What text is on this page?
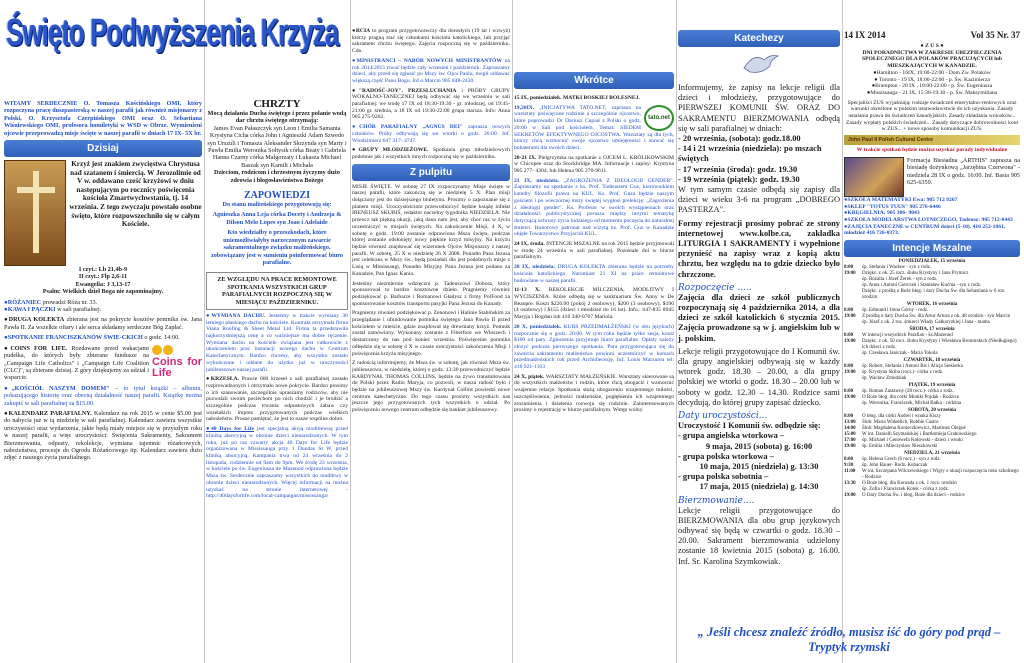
Święto Podwyższenia Krzyża
WITAMY SERDECZNIE O. Tomasza Kościńskiego OMI, który rozpoczyna pracę duszpasterską w naszej parafii jak również misjonarzy z Polski, O. Krzysztofa Czerpińskiego OMI oraz O. Sebastiana Wiśniewskiego OMI, profesora homiletyki w WSD w Obrze. Wymienieni ojcowie przeprowadzą misje święte w naszej parafii w dniach 17 IX- 5X br.
Dzisiaj
Krzyż jest znakiem zwycięstwa Chrystusa nad szatanem i śmiercią. W Jerozolimie od V w. oddawano cześć krzyżowi w dniu następującym po rocznicy poświęcenia kościoła Zmartwychwstania, tj. 14 września. Z tego zwyczaju powstało osobne święto, które rozpowszechniło się w całym Kościele.
I czyt.: Lb 21,4b-9
II czyt.: Flp 2,6-11
Ewangelia: J 3,13-17
Psalm: Wielkich dzieł Boga nie zapominajmy.
● RÓŻANIEC prowadzi Róża nr. 33.
● KAWA I PĄCZKI w sali parafialnej.
● DRUGA KOLEKTA zbierana jest na pokrycie kosztów pomnika św. Jana Pawła II. Za wszelkie ofiary i ale serca składamy serdeczne Bóg Zapłać.
● SPOTKANIE FRANCISZKANÓW ŚWIE-CKICH o godz. 14:00.
Coins for Life
● COINS FOR LIFE. Rozdawane przed wakacjami pudełka, do których były zbierane fundusze na „Campaign Life Catholics" i „Campaign Life Coalition (CLC)", są zbierane dzisiaj. Z góry dziękujemy za udział i wsparcie.
● „KOŚCIÓŁ NASZYM DOMEM" – to tytuł książki – albumu, pokazującego historię oraz obecną działalność naszej parafii. Książkę można zakupić w sali parafialnej za $15.00.
● KALENDARZ PARAFIALNY. Kalendarz na rok 2015 w cenie $5.00 jest do nabycia już w tą niedzielę w sali parafialnej. Kalendarz zawiera wszystkie uroczystości oraz wydarzenia, jakie będą miały miejsce się w przyszłym roku w naszej parafii, a więc uroczystości: Święcenia Sakramenty, Sakrament Bierzmowania, odpusty, rekolekcje, wymiana tajemnic różańcowych, nabożeństwa, procesje do Ogrodu Różańcowego itp. Kalendarz zawiera dużo zdjęć z naszego życia parafialnego.
CHRZTY
Mocą działania Ducha świętego i przez polanie wodą dar chrztu świętego otrzymają:
James Evan Pałaszczyk syn Leon i Emilia Samanta Krystyna Cicha córka John i Agnieszki Adam Szwedo syn Urszuli i Tomasza Aleksander Skrzynda syn Marty i Pawła Emilia Weronika Sołtysik córka Beaty i Gabriela Hanna Czarny córka Małgorzaty i Łukasza Michael Baszak syn Kamili i Michała
Dzieciom, rodzicom i chrzestnym życzymy dużo zdrowia i błogosławieństwa Bożego
ZAPOWIEDZI
Do stanu małżeńskiego przygotowują się:
Agnieszka Anna Leja córka Docety i Andrzeja & Dilson Melo Lopes syn Joao i Adelaide
Kto wiedziałby o przeszkodach, które uniemożliwiałyby narzeczonym zawarcie sakramentalnego związku małżeńskiego, zobowiązany jest w sumieniu poinformować biuro parafialne.
ZE WZGLĘDU NA PRACE REMONTOWE SPOTKANIA WSZYSTKICH GRUP PARAFIALNYCH ROZPOCZNĄ SIĘ W MIESIĄCU PAŹDZIERNIKU.
● WYMIANA DACHU. Jesteśmy w trakcie wymiany 30 letniego płaskiego dachu na kościele. Kontrakt otrzymała firma Viana Roofing & Sheet Metal Ltd. Firma ta przedstawiła najkorzystniejszą cenę a co ważniejsze ma dobre ręczenie. Wymiana dachu na kościele związana jest całkowicie z ukończeniem prac instalacji nowego dachu w Centrum Katechetycznym. Bardzo chcemy, aby wszystko zostało wykończone i oddane do użytku już w uroczystości jubileuszowe naszej parafii.
● KRZESŁA. Prawie 600 krzeseł z sali parafialnej zostało rozprowadzonych i otrzymało nowe pokrycie. Bardzo prosimy o ich szanowanie, szczególnie upraszamy rodziców, aby nie pozwalali swoim pociechom po nich chodzić i je brudzić a szczególnie podczas trwania odpustowych zabaw czy wszelakich imprez przygotowanych podczas wielkich nabożeństw. Prosze pamiętać, że jest to nasze wspólne dobro.
● 40 Days for Life jest specjalną akcją modlitewną przed kliniką aborcyjną w obronie dzieci nienarodzonych. W tym roku, już po raz czwarty akcja 40 Days for Life będzie organizowana w Mississauga przy 1 Dundas St W, przed kliniką aborcyjną. Kampania trwa od 24 września do 2 listopada, codziennie od 9am do 9pm. We środę 23 września, w kościele po św. Eugeniusza de Mazenod odprawiona będzie Msza św. Serdecznie zapraszamy wszystkich do modlitwy w obronie dzieci nienarodzonych. Więcej informacji na można uzyskać na stronie internetowej - http://40daysforlife.com/local-campaigns/mississauga/
● RCIA to program przygotowawczy dla dorosłych (19 lat i wzwyż) którzy pragną stać się członkami kościoła katolickiego, lub przyjąć sakrament chrztu świętego. Zajęcia rozpoczną się w październiku. Cdn.
● MINISTRANCI – NABÓR NOWYCH MINISTRANTÓW na rok 2014/2015 trwać będzie cały wrzesień i październik. Zapraszamy dzieci, aby przed się zgłosić po Mszy św. Ojcu Paulu, mogli oddawać większą część Panu Bogu. Inf.o.Marcin 905 848-2420.
● "RADOŚĆ-JOY". PRZESLUCHANIA i PRÓBY GRUPY WOKALNO-TANECZNEJ będą odbywać się we wrześniu w sali parafialnej: we środę 17 IX od 18:30-19:30 - gr. młodszej, od 19:45-21:00 gr. średnia, a 18 IX od 19:30-22:00 grupa starsza. Info: Anna 905 275-9262.
● CHÓR PARAFIALNY „AGNUS DEI" zaprasza nowych członków. Próby odbywają się we wtorki o godz. 20:00. Inf. Włodzimierz 647 317- 4747.
● GRUPY MŁODZIEŻOWE. Spotkania grup młodzieżowych podobnie jak i wszystkich innych rozpoczną się w październiku.
Z pulpitu
MISJE ŚWIĘTE. W sobotę 27 IX rozpoczynamy Misje święte w naszej parafii, które zakończą się w niedzielę 5 X. Plan misji dołączony jest do dzisiejszego biuletynu. Prosimy o zapoznanie się z planem misji. Uroczystościom przewodniczyć będzie książę infułat IRENEUSZ SKUBIŚ, redaktor naczelny tygodnika NIEDZIELA. Nie przeocz tak piękną okazji, jaką dana nam jest, aby choć raz w życiu uczestniczyć w misjach świętych. Na zakończenie Misji, 4 X, w sobotę o godz. 19:00 zostanie odprawiona Msza święta, podczas której zostanie odsłonięty nowy pięknie krzyż misyjny. Na krzyżu będzie również znajdować się wizerunek Ojców Misjonarzy z naszej parafii. W sobotę, 25 X w niedzielę 26 X 2008. Ponadto Pana Jezusa jest celebrans w Mszy św., będą posiadali dla jest podobnych misje z Lisią w Mississaugi, Ponadto Misyjny Pana Jezusa jest podano za Kanadzie, Pan Ignac Kania.
Jesteśmy niezmiernie wdzięczni p. Tadeuszowi Dobosz, który sponsorował to bardzo kosztowne dzieło. Pragniemy również podziękować p. Barbarze i Romanowi Gładysz z firmy PolFood za sponsorowanie kosztów transportu pasyjki Pana Jezusa do Kanady.
Pragniemy również podziękować p. Zenonowi i Halinie Stabińskim za przeglądanie i ufundowanie pomnika świętego Jana Pawła II przed kościołem w mieście, gdzie znajdował się drewniany krzyż. Pomnik został zamówiony. Wykonany zostanie z Fiberfore we Włoszech i dostarczony do nas pod koniec września. Poświęcenie pomnika odbędzie się w sobotę 4 X w czasie uroczystości zakończenia Misji i poświęcenia krzyża misyjnego.
Z radością informujemy, że Msza św. w sobotę, jak również Msza św. jubileuszowa, w niedzielę, której o godz. 13:30 przewodniczyć będzie KARDYNAŁ THOMAS COLLINS, będzie na żywo transmitowana do Polski przez Radio Maryja, co pozwoli, w nasza radość było i będzie na jubileuszowej Mszy św. Kardynał Collins powiedzi nowe centrum katechetyczne. Do tego czasu prosimy wszystkich nas jeszcze jego przygotowanych tych wszystkich o udział. Po poświęceniu nowego centrum odbędzie się bankiet jubileuszowy.
Wkrótce
15 IX, poniedziałek. MATKI BOSKIEJ BOLESNEJ.
tato.net
19,20IX. „INICJATYWA TATO.NET, zaprasza na warsztaty poświęcone rodzinie a szczególnie ojcostwu, które poprowadzi Dr Dariusz Cupiał z Polski o godz. 20:00 w Sali pod kościołem. Temat: SIEDEM SEKRETÓW EFEKTYWNEGO OJCOSTWA. Warsztaty są dla tych, którzy chcą wzmocnić swoje ojcostwo umiejętności i stawać się bohaterami dla swoich dzieci.
20-21 IX. Pielgrzymka na spotkanie z OJCEM L. KRÓLIKOWSKIM w Chicopee oraz do Stockbridge MA. Informacje i zapisy: Krystyna 905 277- 4304, lub Helena 905 270-9611.
21 IX, niedziela. „ZAGROŻENIA Z IDEOLOGII GENDER". Zapraszamy na spotkanie z ks. Prof. Tadeuszem Guz, kierownikiem katedry filozofii prawa na KUL. Ks. Prof. Guza będzie naszym gościem i po wieczornej mszy świętej wygłosi prelekcję: „Zagrożenia z ideologii gender". Ks. Profesor w swoich wystąpieniach oraz działalności publicystycznej porusza między innymi tematykę dotyczącą ochrony życia ludzkiego od momentu poczęcia do naturalnej śmierci. Honorowy patronat nad wizytą ks. Prof. Guz w Kanadzie objęłe Towarzystwo Przyjaciół KUL.
24 IX, środa. INTENCJE MSZALNE na rok 2015 będzie przyjmowali w środę 24 września w sali parafialnej. Pozostałe dni w biurze parafialnym.
28 IX, niedziela. DRUGA KOLEKTA zbierana będzie na potrzeby kościoła katolickiego. Natomiast 21 XI na prace remontowe budowlane w naszej parafii.
11-13 X. REKOLEKCJE MILCZENIA, MODLITWY I WYCISZENIA. Które odbędą się w sanktuarium Św. Anny w De Beaupre. Koszt $220.00 (pokój 2 osobowy), $200 (3 osobowy), $190 (4 osobowy) i $155 (dzieci i młodzież do 16 lat). Info.: 647-835 8945 Maryja i Bogdan lub 416 340-0767 Mariola.
20 X, poniedziałek. KURS PRZEDMAŁŻEŃSKI (w obu językach) rozpocznie się o godz. 20:00. W tym roku będzie tylko sesja, koszt $100 od pary. Zgłoszenia przyjmuje biuro parafialne. Opłaty należy złożyć podczas pierwszego spotkania. Para przygotowująca się do zawarcia sakramentu małżeństwa powinni uczestniczyć w kursach przedmałżeńskich rok przed Archidiecezję. Inf. Louis Marzurea tel: 416 921-1163
24 X, piątek. WARSZTATY MAŁŻEŃSKIE. Warsztaty skierowane są do wszystkich małżeństw i rodzin, które chcą ubogacić i wzmocnić wzajemne relacje. Spotkania służą ubogaceniu wzajemnego miłości, uszczęśliwieniu, jedności małżeńskie, pogłębieniu ich wzajemnego zrozumienia i dzielenia rozwoju się rodzinie. Zainteresowanych prosimy o rejestrację w biurze parafialnym. Wstęp wolny.
Katechezy
Informujemy, że zapisy na lekcje religii dla dzieci i młodzieży, przygotowujące do PIERWSZEJ KOMUNII ŚW. ORAZ DO SAKRAMENTU BIERZMOWANIA odbędą się w sali parafialnej w dniach:
- 20 września, (sobota): godz.18.00
- 14 i 21 września (niedziela): po mszach świętych
- 17 września (środa): godz. 19.30
- 19 września (piątek): godz. 19.30
W tym samym czasie odbędą się zapisy dla dzieci w wieku 3-6 na program „DOBREGO PASTERZA".
Formy rejestracji prosimy pobrać ze strony internetowej www.kolbe.ca, zakładka LITURGIA I SAKRAMENTY i wypełnione przynieść na zapisy wraz z kopią aktu chrztu, bez względu na to gdzie dziecko było chrzczone.
Rozpoczęcie .....
Zajęcia dla dzieci ze szkół publicznych rozpoczynają się 4 października 2014, a dla dzieci ze szkół katolickich 6 stycznia 2015. Zajęcia prowadzone są w j. angielskim lub w j. polskim.
Lekcje religii przygotowujące do I Komunii św. dla grupy angielskiej odbywają się w każdy wtorek godz. 18.30 – 20.00, a dla grupy polskiej we wtorki o godz. 18.30 – 20.00 lub w soboty w godz. 12.30 – 14.30. Rodzice sami decydują, do której grupy zapisać dziecko.
Daty uroczystości...
Uroczystość I Komunii św. odbędzie się:
- grupa angielska wtorkowa –
9 maja, 2015 (sobota) g. 16:00
- grupa polska wtorkowa –
10 maja, 2015 (niedziela) g. 13:30
- grupa polska sobotnia –
17 maja, 2015 (niedziela) g. 14:30
Bierzmowanie....
Lekcje religii przygotowujące do BIERZMOWANIA dla obu grup językowych odbywać się będą w czwartki o godz. 18.30 – 20.00. Sakrament bierzmowania udzielony zostanie 18 kwietnia 2015 (sobota) g. 16.00. Inf. Sr. Karolina Szymkowiak.
14 IX 2014	Vol 35 Nr. 37
● Z U S ●
DNI PORADNICTWA W ZAKRESIE UBEZPIECZENIA SPOŁECZNEGO DLA POLAKÓW PRACUJĄCYCH lub MIESZKAJĄCYCH W KANADZIE.
●Hamilton - 16IX, 19:00-22:00 - Dom Zw. Polaków
● Toronto - 19 IX, 18:00-22:00 - p. Św. Kazimierza
●Brampton - 20 IX , 18:00-22:00 - p. Św. Eugeniusza
●Mississauga - 21 IX, 15:30-19:30 - p. Św. Maksymiliana
Specjaliści ZUS wyjaśniają: rodzaje świadczeń emerytalno-rentowych oraz warunki określone w polskim ustawodawstwie do ich uzyskania. Zasady ustalania prawa do świadczeń kanadyjskich. Zasady składania wniosków... Zasady wypłaty polskich świadczeń... Zasady dotyczące dobrowolności kont w ZUS... + nowe sposoby komunikacji ZUS.
John Paul II Polish Cultural Centre
W trakcie spotkań będzie można uzyskać porady indywidualne
Formacja Biesiadna „ARTHIS" zaprasza na biesiadę dożynkową „Jarzębina Czerwona" - niedziela 28 IX o godz. 16:00. Inf. Basia 905 625-6359.
● SZKOŁA MATEMATYKI Ewa: 905 712 9267
● SKLEP "TOTUS TUUS" 905 276-6446
● KRĘGIELNIA: 905 306- 9043
● SZKOŁA MODELARSTWA LOTNICZEGO, Tadeusz: 905 712-8443
● ZAJĘCIA TANECZNE w CENTRUM dzieci (5-10). 416 252-1861, młodzież 416 726-0373.
Intencje Mszalne
PONIEDZIAŁEK, 15 września
8:00	śp. Stefania i Wacław - syn z rodz.
19:00	Dziękc. z ok. 25 rocz. ślubu Krystyny i Jana Prymicz
śp. Rozalia i Józef Žerek - syn z rodz.
śp. Anna i Antoni Gierczeń i Stanisław Kućma - syn z rodz.
Dziękc. z prośbą o Boże błog. i dary Ducha Św. dla Sebastiana w 6 roz. urodzin
WTOREK, 16 września
8:00	śp. Edmund i Irena Górny - rodz.
19:00	Z prośbą o dary Ducha Św. dla Artur Artura z ok. 48 urodzin - syn Marcin
śp. Józef z ok. 2 roz. śmierci Włady Gałkaryzkiej i Jana - mama
ŚRODA, 17 września
8:00	W intencji wszystkich Parafian - ks.Mazenod
19:00	Dziękc. z ok. 50 rocz. ślubu Krystyny i Wiesława Bromirskich (Niedługiego) ich dzieci z rodz.
śp. Czesława Janiczak - Maria Tokola
CZWARTEK, 18 września
8:00	śp. Robert, Stefania i Antoni Bis i Alicja Siekierka
19:00	śp. Krystyna Skiba (rocz.)- córka z rodz.
śp. Wacław Zmudziak
PIĄTEK, 19 września
8:00	śp. Roman Zastawny (28 rocz.)- córka z rodz.
19:00	O Boże błog. dla córki Moniki Pojdak - Rodzice
śp. Weronika, Franciszek, Michał Bałka - rodzina
SOBOTA, 20 września
8:00	O błog. dla córki Andrei i wnuka Kiszy
13:00	Ślub: Maria Wideelich, Robbie Castro
14:00	Ślub: Magdalena Konieczkiewicz, Martinez Olegué
15:00	W int. Danielli Szymańskiej i Bartłomieja Grabowskiego
17:00	śp. Michael i Genowefa Kołowski - dzieci i wnuki
19:00	śp. Emilia i Mieczysław Nieszkowski
NIEDZIELA, 21 września
8:00	śp. Helena Grech (6 rocz.) - syn z rodz.
9:30	śp. John Bauer- Rodz. Kubaczak
11:00	W int. Szczepana Wilczewskiego i Wigry z okazji rozpoczęcia roku szkolnego - Rodzice
13:30	O Boże błog. dla Konrada z ok. 1 rocz. urodzin
śp. Zofia i Franciszek Kotek - córka z rodz.
19:00	O Dary Ducha Św. i błog. Boże dla dzieci - rodzice
„ Jeśli chcesz znaleźć źródło, musisz iść do góry pod prąd – Tryptyk rzymski
